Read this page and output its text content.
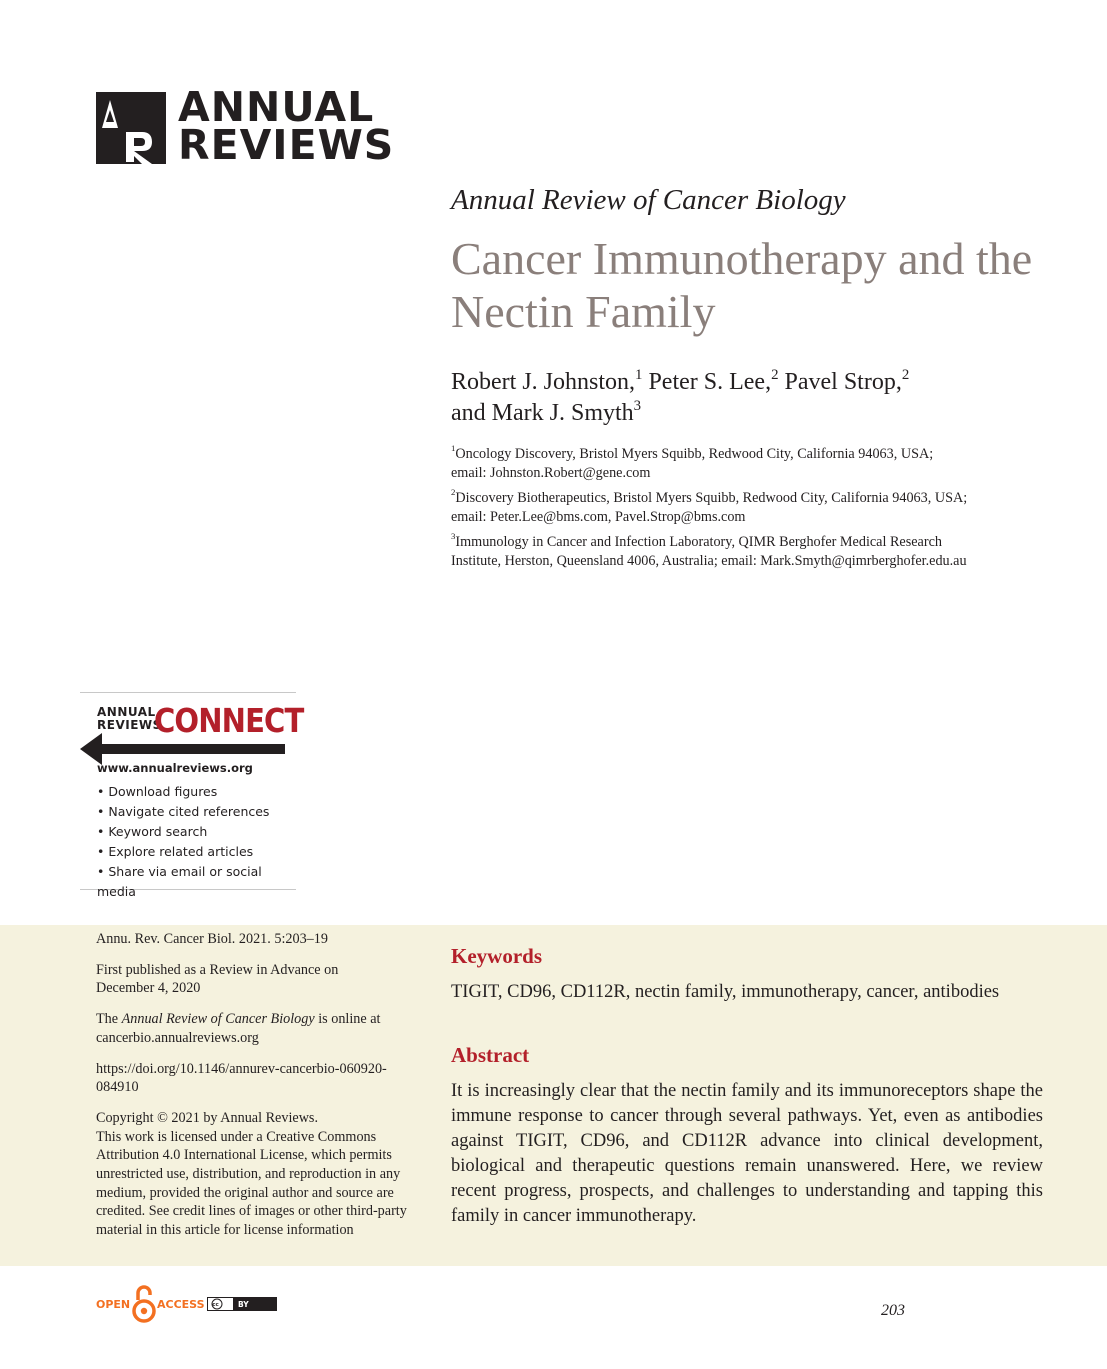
ANNUAL
REVIEWS
Annual Review of Cancer Biology
Cancer Immunotherapy and the Nectin Family
Robert J. Johnston,$^1$ Peter S. Lee,$^2$ Pavel Strop,$^2$
and Mark J. Smyth$^3$
$^1$Oncology Discovery, Bristol Myers Squibb, Redwood City, California 94063, USA;
email: Johnston.Robert@gene.com
$^2$Discovery Biotherapeutics, Bristol Myers Squibb, Redwood City, California 94063, USA;
email: Peter.Lee@bms.com, Pavel.Strop@bms.com
$^3$Immunology in Cancer and Infection Laboratory, QIMR Berghofer Medical Research
Institute, Herston, Queensland 4006, Australia; email: Mark.Smyth@qimrberghofer.edu.au
ANNUAL
REVIEWS
CONNECT
www.annualreviews.org
• Download figures
• Navigate cited references
• Keyword search
• Explore related articles
• Share via email or social media

Annu. Rev. Cancer Biol. 2021. 5:203–19

First published as a Review in Advance on
December 4, 2020

The Annual Review of Cancer Biology is online at
cancerbio.annualreviews.org

https://doi.org/10.1146/annurev-cancerbio-060920-
084910

Copyright © 2021 by Annual Reviews.
This work is licensed under a Creative Commons Attribution 4.0 International License, which permits unrestricted use, distribution, and reproduction in any medium, provided the original author and source are credited. See credit lines of images or other third-party material in this article for license information

Keywords
TIGIT, CD96, CD112R, nectin family, immunotherapy, cancer, antibodies
Abstract
It is increasingly clear that the nectin family and its immunoreceptors shape the immune response to cancer through several pathways. Yet, even as antibodies against TIGIT, CD96, and CD112R advance into clinical development, biological and therapeutic questions remain unanswered. Here, we review recent progress, prospects, and challenges to understanding and tapping this family in cancer immunotherapy.
OPEN ACCESS cc	BY	203
